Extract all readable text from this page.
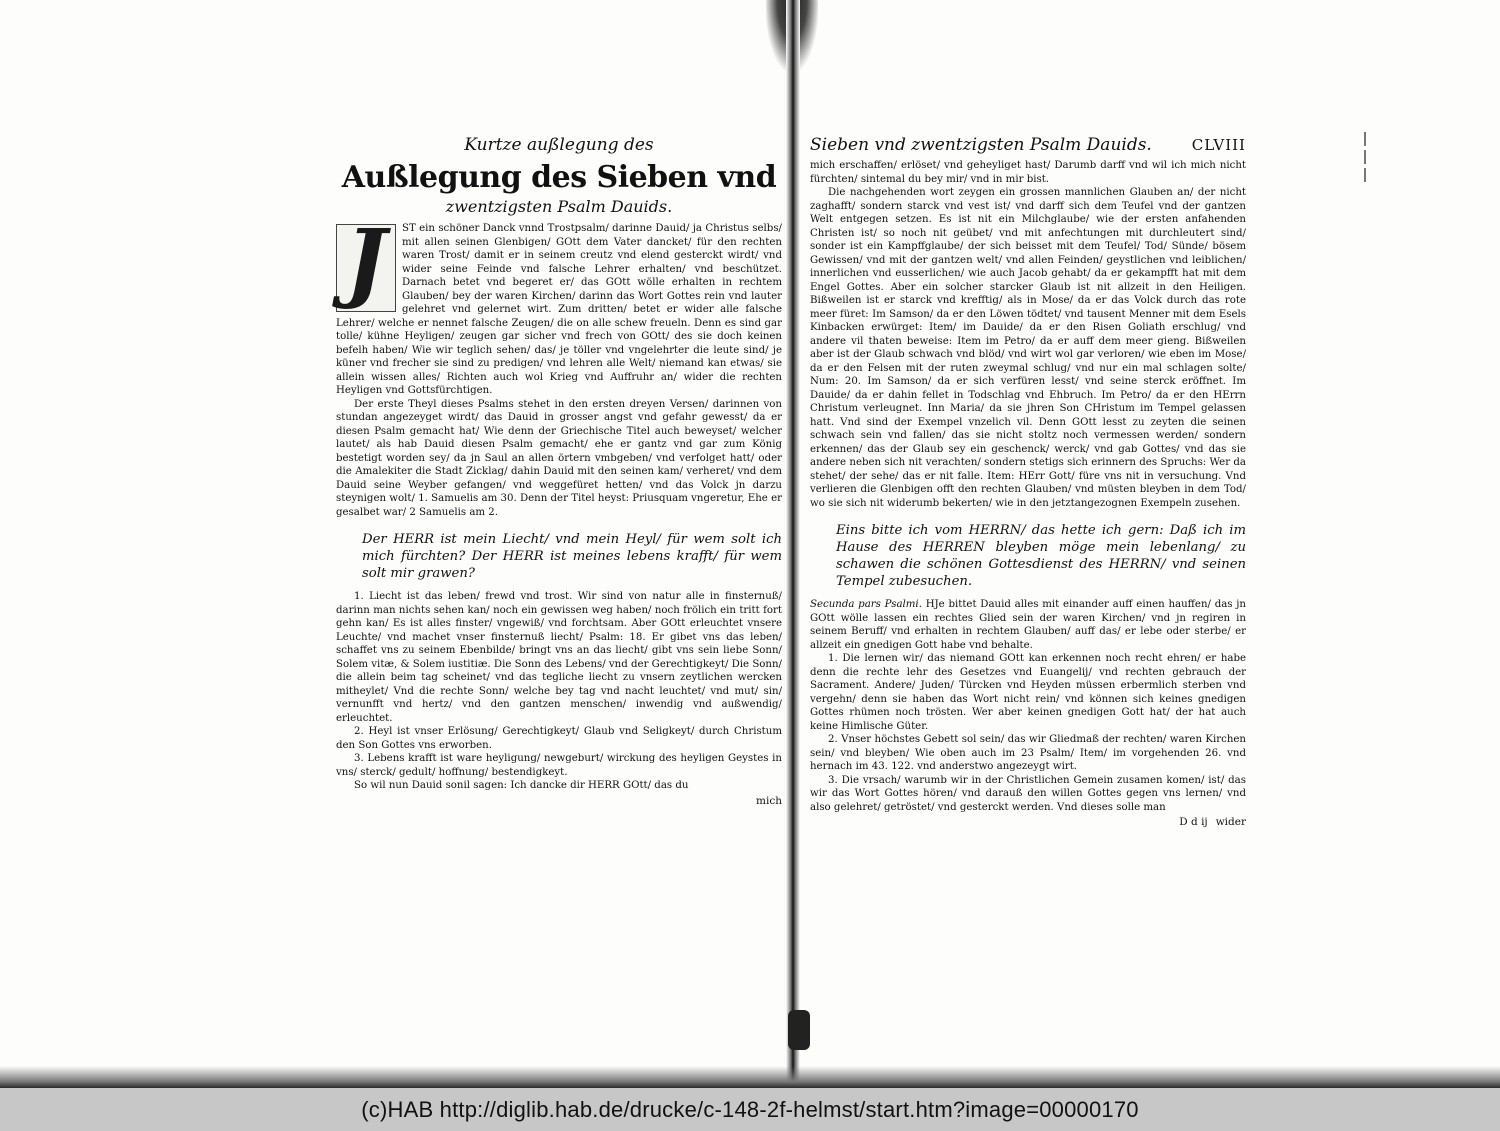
Kurtze außlegung des
Außlegung des Sieben vnd
zwentzigsten Psalm Dauids.
J	ST ein schöner Danck vnnd Trostpsalm/ darinne Dauid/ ja Christus selbs/ mit allen seinen Glenbigen/ GOtt dem Vater dancket/ für den rechten waren Trost/ damit er in seinem creutz vnd elend gesterckt wirdt/ vnd wider seine Feinde vnd falsche Lehrer erhalten/ vnd beschützet. Darnach betet vnd begeret er/ das GOtt wölle erhalten in rechtem Glauben/ bey der waren Kirchen/ darinn das Wort Gottes rein vnd lauter gelehret vnd gelernet wirt. Zum dritten/ betet er wider alle falsche Lehrer/ welche er nennet falsche Zeugen/ die on alle schew freueln. Denn es sind gar tolle/ kühne Heyligen/ zeugen gar sicher vnd frech von GOtt/ des sie doch keinen befelh haben/ Wie wir teglich sehen/ das/ je töller vnd vngelehrter die leute sind/ je küner vnd frecher sie sind zu predigen/ vnd lehren alle Welt/ niemand kan etwas/ sie allein wissen alles/ Richten auch wol Krieg vnd Auffruhr an/ wider die rechten Heyligen vnd Gottsfürchtigen.

Der erste Theyl dieses Psalms stehet in den ersten dreyen Versen/ darinnen von stundan angezeyget wirdt/ das Dauid in grosser angst vnd gefahr gewesst/ da er diesen Psalm gemacht hat/ Wie denn der Griechische Titel auch beweyset/ welcher lautet/ als hab Dauid diesen Psalm gemacht/ ehe er gantz vnd gar zum König bestetigt worden sey/ da jn Saul an allen örtern vmbgeben/ vnd verfolget hatt/ oder die Amalekiter die Stadt Zicklag/ dahin Dauid mit den seinen kam/ verheret/ vnd dem Dauid seine Weyber gefangen/ vnd weggefüret hetten/ vnd das Volck jn darzu steynigen wolt/ 1. Samuelis am 30. Denn der Titel heyst: Priusquam vngeretur, Ehe er gesalbet war/ 2 Samuelis am 2.

Der HERR ist mein Liecht/ vnd mein Heyl/ für wem solt ich mich fürchten? Der HERR ist meines lebens krafft/ für wem solt mir grawen?

1. Liecht ist das leben/ frewd vnd trost. Wir sind von natur alle in finsternuß/ darinn man nichts sehen kan/ noch ein gewissen weg haben/ noch frölich ein tritt fort gehn kan/ Es ist alles finster/ vngewiß/ vnd forchtsam. Aber GOtt erleuchtet vnsere Leuchte/ vnd machet vnser finsternuß liecht/ Psalm: 18. Er gibet vns das leben/ schaffet vns zu seinem Ebenbilde/ bringt vns an das liecht/ gibt vns sein liebe Sonn/ Solem vitæ, & Solem iustitiæ. Die Sonn des Lebens/ vnd der Gerechtigkeyt/ Die Sonn/ die allein beim tag scheinet/ vnd das tegliche liecht zu vnsern zeytlichen wercken mitheylet/ Vnd die rechte Sonn/ welche bey tag vnd nacht leuchtet/ vnd mut/ sin/ vernunfft vnd hertz/ vnd den gantzen menschen/ inwendig vnd außwendig/ erleuchtet.

2. Heyl ist vnser Erlösung/ Gerechtigkeyt/ Glaub vnd Seligkeyt/ durch Christum den Son Gottes vns erworben.

3. Lebens krafft ist ware heyligung/ newgeburt/ wirckung des heyligen Geystes in vns/ sterck/ gedult/ hoffnung/ bestendigkeyt.

So wil nun Dauid sonil sagen: Ich dancke dir HERR GOtt/ das du

mich
Sieben vnd zwentzigsten Psalm Dauids.	CLVIII

mich erschaffen/ erlöset/ vnd geheyliget hast/ Darumb darff vnd wil ich mich nicht fürchten/ sintemal du bey mir/ vnd in mir bist.

Die nachgehenden wort zeygen ein grossen mannlichen Glauben an/ der nicht zaghafft/ sondern starck vnd vest ist/ vnd darff sich dem Teufel vnd der gantzen Welt entgegen setzen. Es ist nit ein Milchglaube/ wie der ersten anfahenden Christen ist/ so noch nit geübet/ vnd mit anfechtungen mit durchleutert sind/ sonder ist ein Kampffglaube/ der sich beisset mit dem Teufel/ Tod/ Sünde/ bösem Gewissen/ vnd mit der gantzen welt/ vnd allen Feinden/ geystlichen vnd leiblichen/ innerlichen vnd eusserlichen/ wie auch Jacob gehabt/ da er gekampfft hat mit dem Engel Gottes. Aber ein solcher starcker Glaub ist nit allzeit in den Heiligen. Bißweilen ist er starck vnd krefftig/ als in Mose/ da er das Volck durch das rote meer füret: Im Samson/ da er den Löwen tödtet/ vnd tausent Menner mit dem Esels Kinbacken erwürget: Item/ im Dauide/ da er den Risen Goliath erschlug/ vnd andere vil thaten beweise: Item im Petro/ da er auff dem meer gieng. Bißweilen aber ist der Glaub schwach vnd blöd/ vnd wirt wol gar verloren/ wie eben im Mose/ da er den Felsen mit der ruten zweymal schlug/ vnd nur ein mal schlagen solte/ Num: 20. Im Samson/ da er sich verfüren lesst/ vnd seine sterck eröffnet. Im Dauide/ da er dahin fellet in Todschlag vnd Ehbruch. Im Petro/ da er den HErrn Christum verleugnet. Inn Maria/ da sie jhren Son CHristum im Tempel gelassen hatt. Vnd sind der Exempel vnzelich vil. Denn GOtt lesst zu zeyten die seinen schwach sein vnd fallen/ das sie nicht stoltz noch vermessen werden/ sondern erkennen/ das der Glaub sey ein geschenck/ werck/ vnd gab Gottes/ vnd das sie andere neben sich nit verachten/ sondern stetigs sich erinnern des Spruchs: Wer da stehet/ der sehe/ das er nit falle. Item: HErr Gott/ füre vns nit in versuchung. Vnd verlieren die Glenbigen offt den rechten Glauben/ vnd müsten bleyben in dem Tod/ wo sie sich nit widerumb bekerten/ wie in den jetztangezognen Exempeln zusehen.

Eins bitte ich vom HERRN/ das hette ich gern: Daß ich im Hause des HERREN bleyben möge mein lebenlang/ zu schawen die schönen Gottesdienst des HERRN/ vnd seinen Tempel zubesuchen.

Secunda pars Psalmi. HJe bittet Dauid alles mit einander auff einen hauffen/ das jn GOtt wölle lassen ein rechtes Glied sein der waren Kirchen/ vnd jn regiren in seinem Beruff/ vnd erhalten in rechtem Glauben/ auff das/ er lebe oder sterbe/ er allzeit ein gnedigen Gott habe vnd behalte.

1. Die lernen wir/ das niemand GOtt kan erkennen noch recht ehren/ er habe denn die rechte lehr des Gesetzes vnd Euangelij/ vnd rechten gebrauch der Sacrament. Andere/ Juden/ Türcken vnd Heyden müssen erbermlich sterben vnd vergehn/ denn sie haben das Wort nicht rein/ vnd können sich keines gnedigen Gottes rhümen noch trösten. Wer aber keinen gnedigen Gott hat/ der hat auch keine Himlische Güter.

2. Vnser höchstes Gebett sol sein/ das wir Gliedmaß der rechten/ waren Kirchen sein/ vnd bleyben/ Wie oben auch im 23 Psalm/ Item/ im vorgehenden 26. vnd hernach im 43. 122. vnd anderstwo angezeygt wirt.

3. Die vrsach/ warumb wir in der Christlichen Gemein zusamen komen/ ist/ das wir das Wort Gottes hören/ vnd darauß den willen Gottes gegen vns lernen/ vnd also gelehret/ getröstet/ vnd gesterckt werden. Vnd dieses solle man

D d ij wider
(c)HAB http://diglib.hab.de/drucke/c-148-2f-helmst/start.htm?image=00000170
